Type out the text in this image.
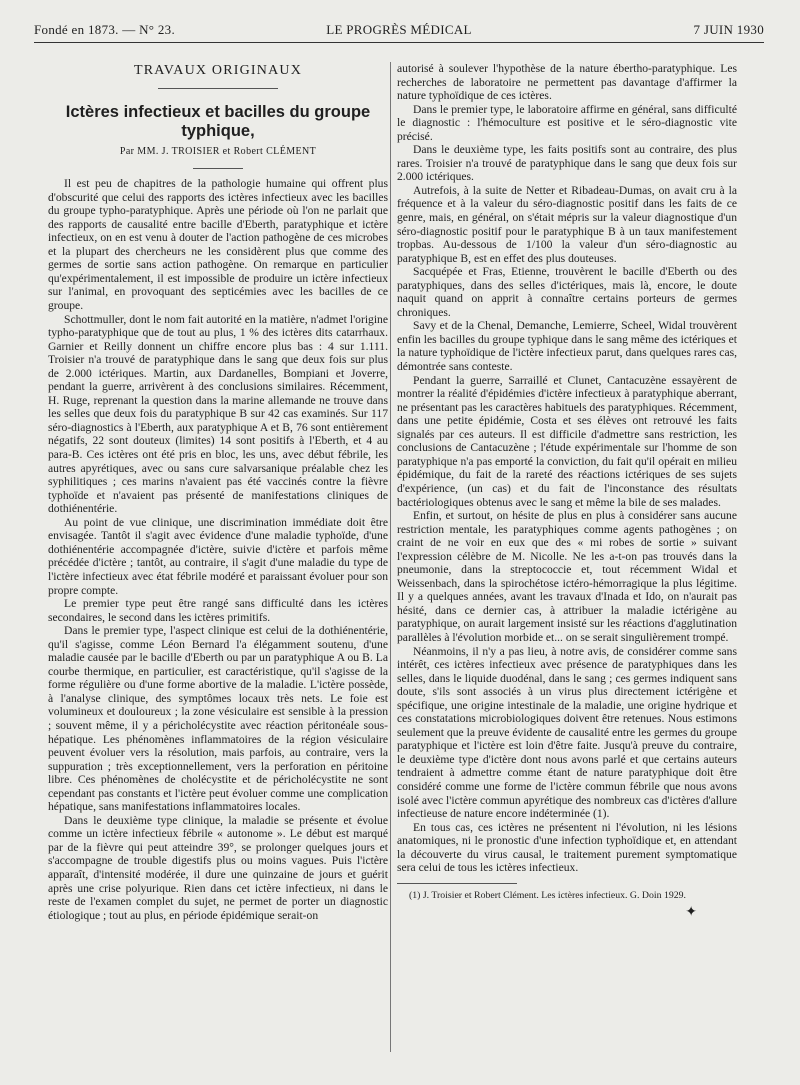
Fondé en 1873. — N° 23.	LE PROGRÈS MÉDICAL	7 JUIN 1930
TRAVAUX ORIGINAUX
Ictères infectieux et bacilles du groupe typhique,
Par MM. J. TROISIER et Robert CLÉMENT

Il est peu de chapitres de la pathologie humaine qui offrent plus d'obscurité que celui des rapports des ictères infectieux avec les bacilles du groupe typho-paratyphique. Après une période où l'on ne parlait que des rapports de causalité entre bacille d'Eberth, paratyphique et ictère infectieux, on en est venu à douter de l'action pathogène de ces microbes et la plupart des chercheurs ne les considèrent plus que comme des germes de sortie sans action pathogène. On remarque en particulier qu'expérimentalement, il est impossible de produire un ictère infectieux sur l'animal, en provoquant des septicémies avec les bacilles de ce groupe.

Schottmuller, dont le nom fait autorité en la matière, n'admet l'origine typho-paratyphique que de tout au plus, 1 % des ictères dits catarrhaux. Garnier et Reilly donnent un chiffre encore plus bas : 4 sur 1.111. Troisier n'a trouvé de paratyphique dans le sang que deux fois sur plus de 2.000 ictériques. Martin, aux Dardanelles, Bompiani et Joverre, pendant la guerre, arrivèrent à des conclusions similaires. Récemment, H. Ruge, reprenant la question dans la marine allemande ne trouve dans les selles que deux fois du paratyphique B sur 42 cas examinés. Sur 117 séro-diagnostics à l'Eberth, aux paratyphique A et B, 76 sont entièrement négatifs, 22 sont douteux (limites) 14 sont positifs à l'Eberth, et 4 au para-B. Ces ictères ont été pris en bloc, les uns, avec début fébrile, les autres apyrétiques, avec ou sans cure salvarsanique préalable chez les syphilitiques ; ces marins n'avaient pas été vaccinés contre la fièvre typhoïde et n'avaient pas présenté de manifestations cliniques de dothiénentérie.

Au point de vue clinique, une discrimination immédiate doit être envisagée. Tantôt il s'agit avec évidence d'une maladie typhoïde, d'une dothiénentérie accompagnée d'ictère, suivie d'ictère et parfois même précédée d'ictère ; tantôt, au contraire, il s'agit d'une maladie du type de l'ictère infectieux avec état fébrile modéré et paraissant évoluer pour son propre compte.

Le premier type peut être rangé sans difficulté dans les ictères secondaires, le second dans les ictères primitifs.

Dans le premier type, l'aspect clinique est celui de la dothiénentérie, qu'il s'agisse, comme Léon Bernard l'a élégamment soutenu, d'une maladie causée par le bacille d'Eberth ou par un paratyphique A ou B. La courbe thermique, en particulier, est caractéristique, qu'il s'agisse de la forme régulière ou d'une forme abortive de la maladie. L'ictère possède, à l'analyse clinique, des symptômes locaux très nets. Le foie est volumineux et douloureux ; la zone vésiculaire est sensible à la pression ; souvent même, il y a péricholécystite avec réaction péritonéale sous-hépatique. Les phénomènes inflammatoires de la région vésiculaire peuvent évoluer vers la résolution, mais parfois, au contraire, vers la suppuration ; très exceptionnellement, vers la perforation en péritoine libre. Ces phénomènes de cholécystite et de péricholécystite ne sont cependant pas constants et l'ictère peut évoluer comme une complication hépatique, sans manifestations inflammatoires locales.

Dans le deuxième type clinique, la maladie se présente et évolue comme un ictère infectieux fébrile « autonome ». Le début est marqué par de la fièvre qui peut atteindre 39°, se prolonger quelques jours et s'accompagne de trouble digestifs plus ou moins vagues. Puis l'ictère apparaît, d'intensité modérée, il dure une quinzaine de jours et guérit après une crise polyurique. Rien dans cet ictère infectieux, ni dans le reste de l'examen complet du sujet, ne permet de porter un diagnostic étiologique ; tout au plus, en période épidémique serait-on

autorisé à soulever l'hypothèse de la nature ébertho-paratyphique. Les recherches de laboratoire ne permettent pas davantage d'affirmer la nature typhoïdique de ces ictères.

Dans le premier type, le laboratoire affirme en général, sans difficulté le diagnostic : l'hémoculture est positive et le séro-diagnostic vite précisé.

Dans le deuxième type, les faits positifs sont au contraire, des plus rares. Troisier n'a trouvé de paratyphique dans le sang que deux fois sur 2.000 ictériques.

Autrefois, à la suite de Netter et Ribadeau-Dumas, on avait cru à la fréquence et à la valeur du séro-diagnostic positif dans les faits de ce genre, mais, en général, on s'était mépris sur la valeur diagnostique d'un séro-diagnostic positif pour le paratyphique B à un taux manifestement tropbas. Au-dessous de 1/100 la valeur d'un séro-diagnostic au paratyphique B, est en effet des plus douteuses.

Sacquépée et Fras, Etienne, trouvèrent le bacille d'Eberth ou des paratyphiques, dans des selles d'ictériques, mais là, encore, le doute naquit quand on apprit à connaître certains porteurs de germes chroniques.

Savy et de la Chenal, Demanche, Lemierre, Scheel, Widal trouvèrent enfin les bacilles du groupe typhique dans le sang même des ictériques et la nature typhoïdique de l'ictère infectieux parut, dans quelques rares cas, démontrée sans conteste.

Pendant la guerre, Sarraillé et Clunet, Cantacuzène essayèrent de montrer la réalité d'épidémies d'ictère infectieux à paratyphique aberrant, ne présentant pas les caractères habituels des paratyphiques. Récemment, dans une petite épidémie, Costa et ses élèves ont retrouvé les faits signalés par ces auteurs. Il est difficile d'admettre sans restriction, les conclusions de Cantacuzène ; l'étude expérimentale sur l'homme de son paratyphique n'a pas emporté la conviction, du fait qu'il opérait en milieu épidémique, du fait de la rareté des réactions ictériques de ses sujets d'expérience, (un cas) et du fait de l'inconstance des résultats bactériologiques obtenus avec le sang et même la bile de ses malades.

Enfin, et surtout, on hésite de plus en plus à considérer sans aucune restriction mentale, les paratyphiques comme agents pathogènes ; on craint de ne voir en eux que des « mi robes de sortie » suivant l'expression célèbre de M. Nicolle. Ne les a-t-on pas trouvés dans la pneumonie, dans la streptococcie et, tout récemment Widal et Weissenbach, dans la spirochétose ictéro-hémorragique la plus légitime. Il y a quelques années, avant les travaux d'Inada et Ido, on n'aurait pas hésité, dans ce dernier cas, à attribuer la maladie ictérigène au paratyphique, on aurait largement insisté sur les réactions d'agglutination parallèles à l'évolution morbide et... on se serait singulièrement trompé.

Néanmoins, il n'y a pas lieu, à notre avis, de considérer comme sans intérêt, ces ictères infectieux avec présence de paratyphiques dans les selles, dans le liquide duodénal, dans le sang ; ces germes indiquent sans doute, s'ils sont associés à un virus plus directement ictérigène et spécifique, une origine intestinale de la maladie, une origine hydrique et ces constatations microbiologiques doivent être retenues. Nous estimons seulement que la preuve évidente de causalité entre les germes du groupe paratyphique et l'ictère est loin d'être faite. Jusqu'à preuve du contraire, le deuxième type d'ictère dont nous avons parlé et que certains auteurs tendraient à admettre comme étant de nature paratyphique doit être considéré comme une forme de l'ictère commun fébrile que nous avons isolé avec l'ictère commun apyrétique des nombreux cas d'ictères d'allure infectieuse de nature encore indéterminée (1).

En tous cas, ces ictères ne présentent ni l'évolution, ni les lésions anatomiques, ni le pronostic d'une infection typhoïdique et, en attendant la découverte du virus causal, le traitement purement symptomatique sera celui de tous les ictères infectieux.

(1) J. Troisier et Robert Clément. Les ictères infectieux. G. Doin 1929.

✦
